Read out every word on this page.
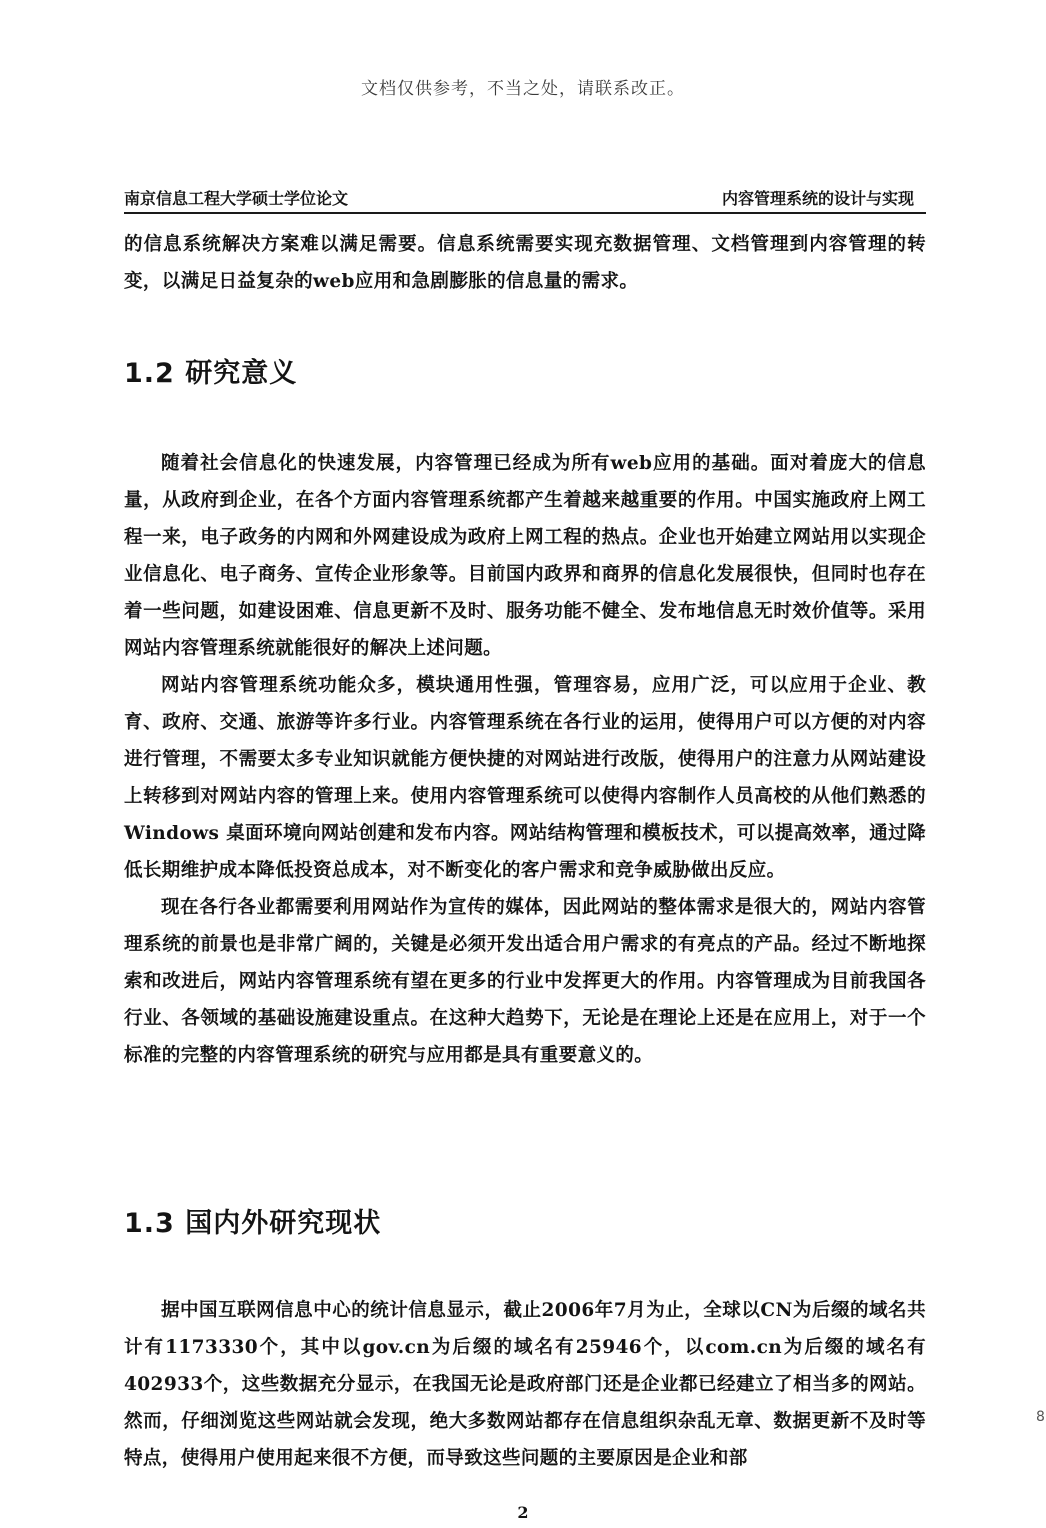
文档仅供参考，不当之处，请联系改正。
南京信息工程大学硕士学位论文	内容管理系统的设计与实现

的信息系统解决方案难以满足需要。信息系统需要实现充数据管理、文档管理到内容管理的转变，以满足日益复杂的web应用和急剧膨胀的信息量的需求。

1.2 研究意义

随着社会信息化的快速发展，内容管理已经成为所有web应用的基础。面对着庞大的信息量，从政府到企业，在各个方面内容管理系统都产生着越来越重要的作用。中国实施政府上网工程一来，电子政务的内网和外网建设成为政府上网工程的热点。企业也开始建立网站用以实现企业信息化、电子商务、宣传企业形象等。目前国内政界和商界的信息化发展很快，但同时也存在着一些问题，如建设困难、信息更新不及时、服务功能不健全、发布地信息无时效价值等。采用网站内容管理系统就能很好的解决上述问题。

网站内容管理系统功能众多，模块通用性强，管理容易，应用广泛，可以应用于企业、教育、政府、交通、旅游等许多行业。内容管理系统在各行业的运用，使得用户可以方便的对内容进行管理，不需要太多专业知识就能方便快捷的对网站进行改版，使得用户的注意力从网站建设上转移到对网站内容的管理上来。使用内容管理系统可以使得内容制作人员高校的从他们熟悉的 Windows 桌面环境向网站创建和发布内容。网站结构管理和模板技术，可以提高效率，通过降低长期维护成本降低投资总成本，对不断变化的客户需求和竞争威胁做出反应。

现在各行各业都需要利用网站作为宣传的媒体，因此网站的整体需求是很大的，网站内容管理系统的前景也是非常广阔的，关键是必须开发出适合用户需求的有亮点的产品。经过不断地探索和改进后，网站内容管理系统有望在更多的行业中发挥更大的作用。内容管理成为目前我国各行业、各领域的基础设施建设重点。在这种大趋势下，无论是在理论上还是在应用上，对于一个标准的完整的内容管理系统的研究与应用都是具有重要意义的。

1.3 国内外研究现状

据中国互联网信息中心的统计信息显示，截止2006年7月为止，全球以CN为后缀的域名共计有1173330个，其中以gov.cn为后缀的域名有25946个，以com.cn为后缀的域名有402933个，这些数据充分显示，在我国无论是政府部门还是企业都已经建立了相当多的网站。然而，仔细浏览这些网站就会发现，绝大多数网站都存在信息组织杂乱无章、数据更新不及时等特点，使得用户使用起来很不方便，而导致这些问题的主要原因是企业和部

8
2
